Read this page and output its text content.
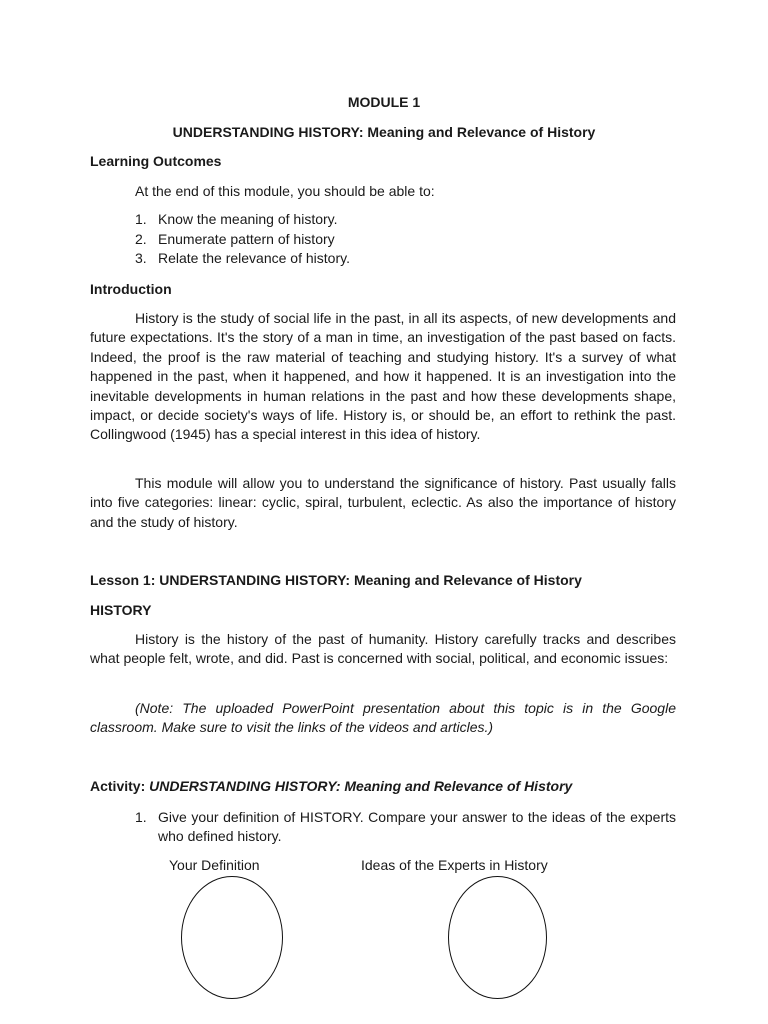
MODULE 1
UNDERSTANDING HISTORY: Meaning and Relevance of History
Learning Outcomes
At the end of this module, you should be able to:
1. Know the meaning of history.
2. Enumerate pattern of history
3. Relate the relevance of history.
Introduction

History is the study of social life in the past, in all its aspects, of new developments and future expectations. It's the story of a man in time, an investigation of the past based on facts. Indeed, the proof is the raw material of teaching and studying history. It's a survey of what happened in the past, when it happened, and how it happened. It is an investigation into the inevitable developments in human relations in the past and how these developments shape, impact, or decide society's ways of life. History is, or should be, an effort to rethink the past. Collingwood (1945) has a special interest in this idea of history.

This module will allow you to understand the significance of history. Past usually falls into five categories: linear: cyclic, spiral, turbulent, eclectic. As also the importance of history and the study of history.

Lesson 1: UNDERSTANDING HISTORY: Meaning and Relevance of History
HISTORY

History is the history of the past of humanity. History carefully tracks and describes what people felt, wrote, and did. Past is concerned with social, political, and economic issues:

(Note: The uploaded PowerPoint presentation about this topic is in the Google classroom. Make sure to visit the links of the videos and articles.)

Activity: UNDERSTANDING HISTORY: Meaning and Relevance of History
1. Give your definition of HISTORY. Compare your answer to the ideas of the experts who defined history.
Your Definition	Ideas of the Experts in History
